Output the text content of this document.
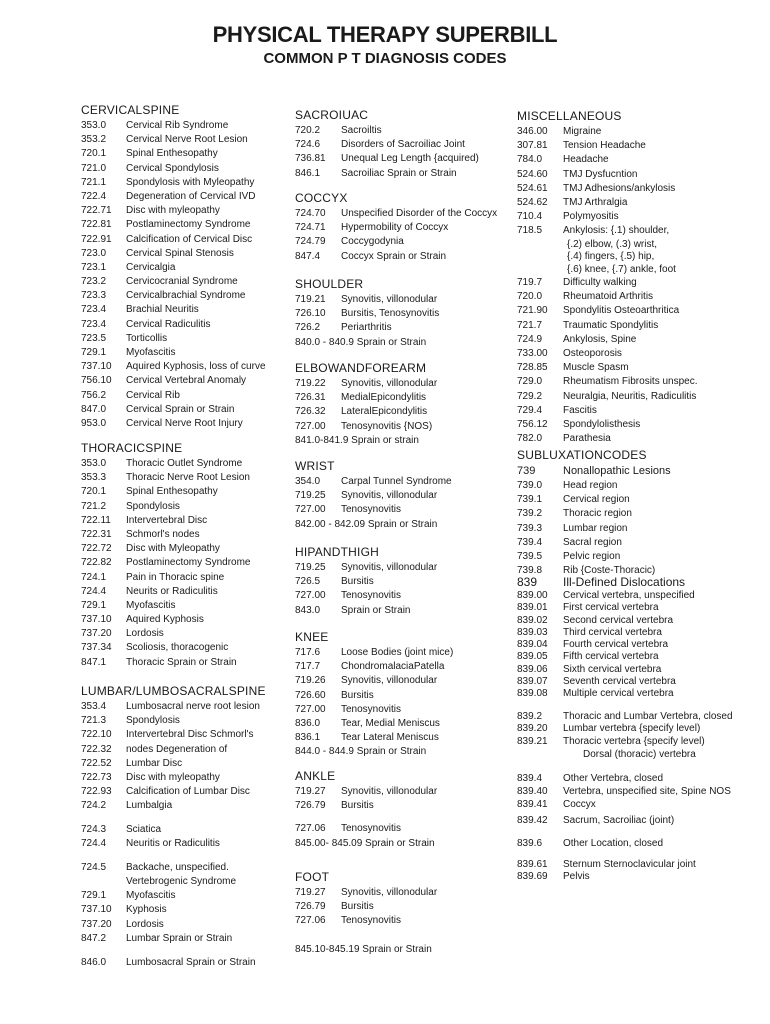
PHYSICAL THERAPY SUPERBILL
COMMON P T DIAGNOSIS CODES
CERVICALSPINE
353.0 Cervical Rib Syndrome
353.2 Cervical Nerve Root Lesion
720.1 Spinal Enthesopathy
721.0 Cervical Spondylosis
721.1 Spondylosis with Myleopathy
722.4 Degeneration of Cervical IVD
722.71 Disc with myleopathy
722.81 Postlaminectomy Syndrome
722.91 Calcification of Cervical Disc
723.0 Cervical Spinal Stenosis
723.1 Cervicalgia
723.2 Cervicocranial Syndrome
723.3 Cervicalbrachial Syndrome
723.4 Brachial Neuritis
723.4 Cervical Radiculitis
723.5 Torticollis
729.1 Myofascitis
737.10 Aquired Kyphosis, loss of curve
756.10 Cervical Vertebral Anomaly
756.2 Cervical Rib
847.0 Cervical Sprain or Strain
953.0 Cervical Nerve Root Injury
THORACICSPINE
353.0 Thoracic Outlet Syndrome
353.3 Thoracic Nerve Root Lesion
720.1 Spinal Enthesopathy
721.2 Spondylosis
722.11 Intervertebral Disc
722.31 Schmorl's nodes
722.72 Disc with Myleopathy
722.82 Postlaminectomy Syndrome
724.1 Pain in Thoracic spine
724.4 Neurits or Radiculitis
729.1 Myofascitis
737.10 Aquired Kyphosis
737.20 Lordosis
737.34 Scoliosis, thoracogenic
847.1 Thoracic Sprain or Strain
LUMBAR/LUMBOSACRALSPINE
353.4 Lumbosacral nerve root lesion
721.3 Spondylosis
722.10 Intervertebral Disc Schmorl's
722.32 nodes Degeneration of
722.52 Lumbar Disc
722.73 Disc with myleopathy
722.93 Calcification of Lumbar Disc
724.2 Lumbalgia
724.3 Sciatica
724.4 Neuritis or Radiculitis
724.5 Backache, unspecified.
Vertebrogenic Syndrome
729.1 Myofascitis
737.10 Kyphosis
737.20 Lordosis
847.2 Lumbar Sprain or Strain
846.0 Lumbosacral Sprain or Strain
SACROIUAC
720.2 Sacroiltis
724.6 Disorders of Sacroiliac Joint
736.81 Unequal Leg Length {acquired)
846.1 Sacroiliac Sprain or Strain
COCCYX
724.70 Unspecified Disorder of the Coccyx
724.71 Hypermobility of Coccyx
724.79 Coccygodynia
847.4 Coccyx Sprain or Strain
SHOULDER
719.21 Synovitis, villonodular
726.10 Bursitis, Tenosynovitis
726.2 Periarthritis
840.0 - 840.9 Sprain or Strain
ELBOWANDFOREARM
719.22 Synovitis, villonodular
726.31 MedialEpicondylitis
726.32 LateralEpicondylitis
727.00 Tenosynovitis {NOS)
841.0-841.9 Sprain or strain
WRIST
354.0 Carpal Tunnel Syndrome
719.25 Synovitis, villonodular
727.00 Tenosynovitis
842.00 - 842.09 Sprain or Strain
HIPANDTHIGH
719.25 Synovitis, villonodular
726.5 Bursitis
727.00 Tenosynovitis
843.0 Sprain or Strain
KNEE
717.6 Loose Bodies (joint mice)
717.7 ChondromalaciaPatella
719.26 Synovitis, villonodular
726.60 Bursitis
727.00 Tenosynovitis
836.0 Tear, Medial Meniscus
836.1 Tear Lateral Meniscus
844.0 - 844.9 Sprain or Strain
ANKLE
719.27 Synovitis, villonodular
726.79 Bursitis
727.06 Tenosynovitis
845.00- 845.09 Sprain or Strain
FOOT
719.27 Synovitis, villonodular
726.79 Bursitis
727.06 Tenosynovitis
845.10-845.19 Sprain or Strain
MISCELLANEOUS
346.00 Migraine
307.81 Tension Headache
784.0 Headache
524.60 TMJ Dysfucntion
524.61 TMJ Adhesions/ankylosis
524.62 TMJ Arthralgia
710.4 Polymyositis
718.5 Ankylosis: {.1) shoulder,
{.2) elbow, (.3) wrist,
{.4) fingers, {.5) hip,
{.6) knee, {.7) ankle, foot
719.7 Difficulty walking
720.0 Rheumatoid Arthritis
721.90 Spondylitis Osteoarthritica
721.7 Traumatic Spondylitis
724.9 Ankylosis, Spine
733.00 Osteoporosis
728.85 Muscle Spasm
729.0 Rheumatism Fibrosits unspec.
729.2 Neuralgia, Neuritis, Radiculitis
729.4 Fascitis
756.12 Spondylolisthesis
782.0 Parathesia
SUBLUXATIONCODES
739	Nonallopathic Lesions
739.0 Head region
739.1 Cervical region
739.2 Thoracic region
739.3 Lumbar region
739.4 Sacral region
739.5 Pelvic region
739.8 Rib {Coste-Thoracic)
839 Ill-Defined Dislocations
839.00 Cervical vertebra, unspecified
839.01 First cervical vertebra
839.02 Second cervical vertebra
839.03 Third cervical vertebra
839.04 Fourth cervical vertebra
839.05 Fifth cervical vertebra
839.06 Sixth cervical vertebra
839.07 Seventh cervical vertebra
839.08 Multiple cervical vertebra
839.2 Thoracic and Lumbar Vertebra, closed
839.20 Lumbar vertebra {specify level)
839.21 Thoracic vertebra {specify level)
Dorsal (thoracic) vertebra
839.4 Other Vertebra, closed
839.40 Vertebra, unspecified site, Spine NOS
839.41 Coccyx
839.42 Sacrum, Sacroiliac (joint)
839.6 Other Location, closed
839.61 Sternum Sternoclavicular joint
839.69 Pelvis
